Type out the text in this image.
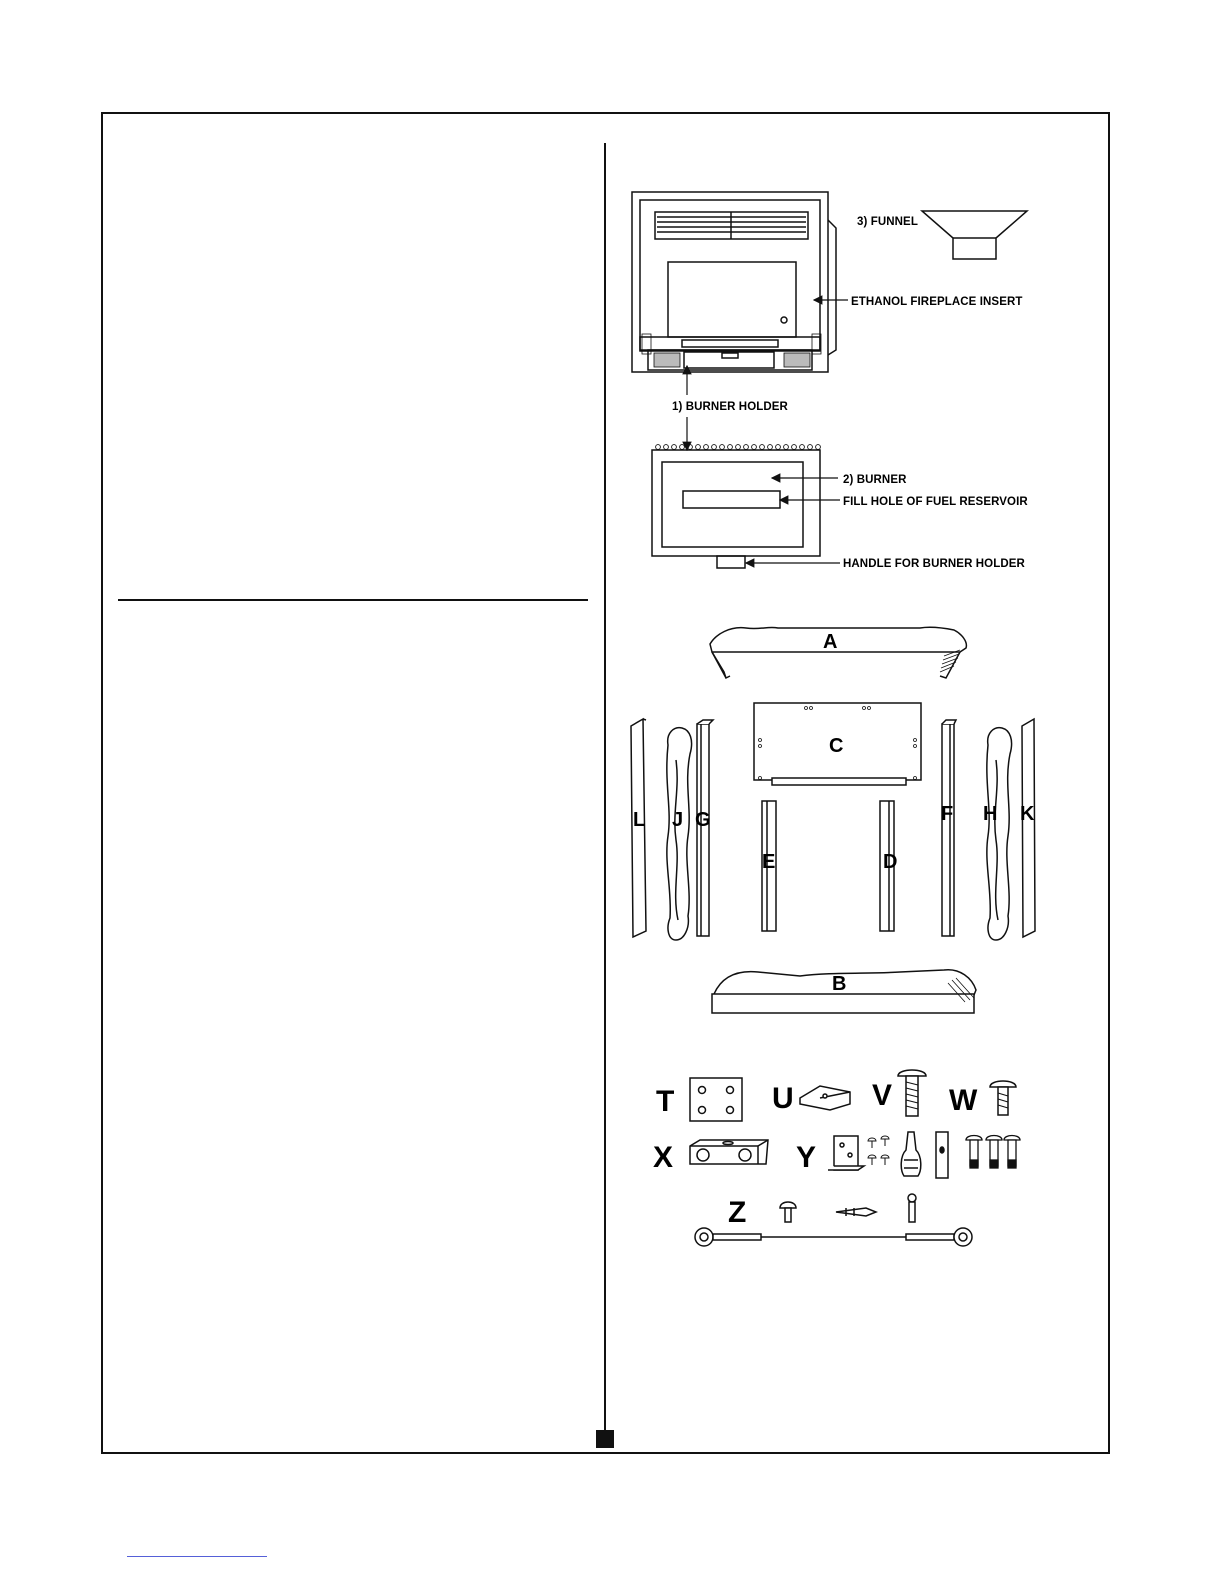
3) FUNNEL
ETHANOL FIREPLACE INSERT
1) BURNER HOLDER
2) BURNER
FILL HOLE OF FUEL RESERVOIR
HANDLE FOR BURNER HOLDER
A
C
L J G
E	D
F H K
B
T	U	V W
X	Y
Z
